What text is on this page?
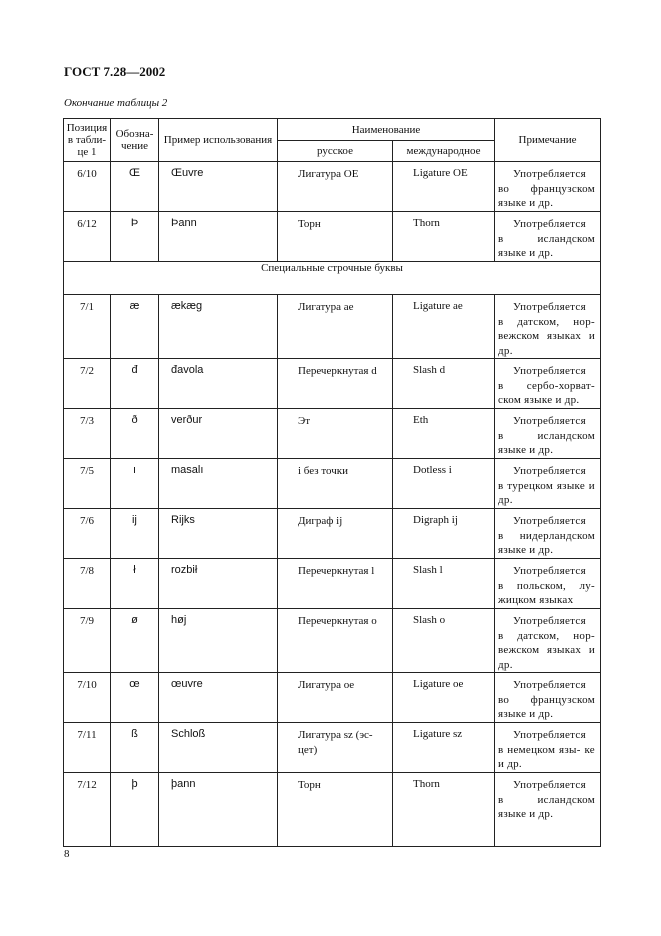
ГОСТ 7.28—2002
Окончание таблицы 2
Позиция в табли- це 1	Обозна- чение	Пример использования	Наименование		Примечание
			русское	международное	
6/10	Œ	Œuvre	Лигатура OE	Ligature OE	Употребляется
во французском языке и др.
6/12	Þ	Þann	Торн	Thorn	Употребляется
в исландском языке и др.
Специальные строчные буквы					
7/1	æ	ækæg	Лигатура ae	Ligature ae	Употребляется
в датском, нор- вежском языках и др.
7/2	đ	đavola	Перечеркнутая d	Slash d	Употребляется
в сербо-хорват- ском языке и др.
7/3	ð	verður	Эт	Eth	Употребляется
в исландском языке и др.
7/5	ı	masalı	і без точки	Dotless i	Употребляется
в турецком языке и др.
7/6	ĳ	Rĳks	Диграф ij	Digraph ij	Употребляется
в нидерландском языке и др.
7/8	ł	rozbił	Перечеркнутая l	Slash l	Употребляется
в польском, лу- жицком языках
7/9	ø	høj	Перечеркнутая o	Slash o	Употребляется
в датском, нор- вежском языках и др.
7/10	œ	œuvre	Лигатура oe	Ligature oe	Употребляется
во французском языке и др.
7/11	ß	Schloß	Лигатура sz (эс- цет)	Ligature sz	Употребляется
в немецком язы- ке и др.
7/12	þ	þann	Торн	Thorn	Употребляется
в исландском языке и др.
8
